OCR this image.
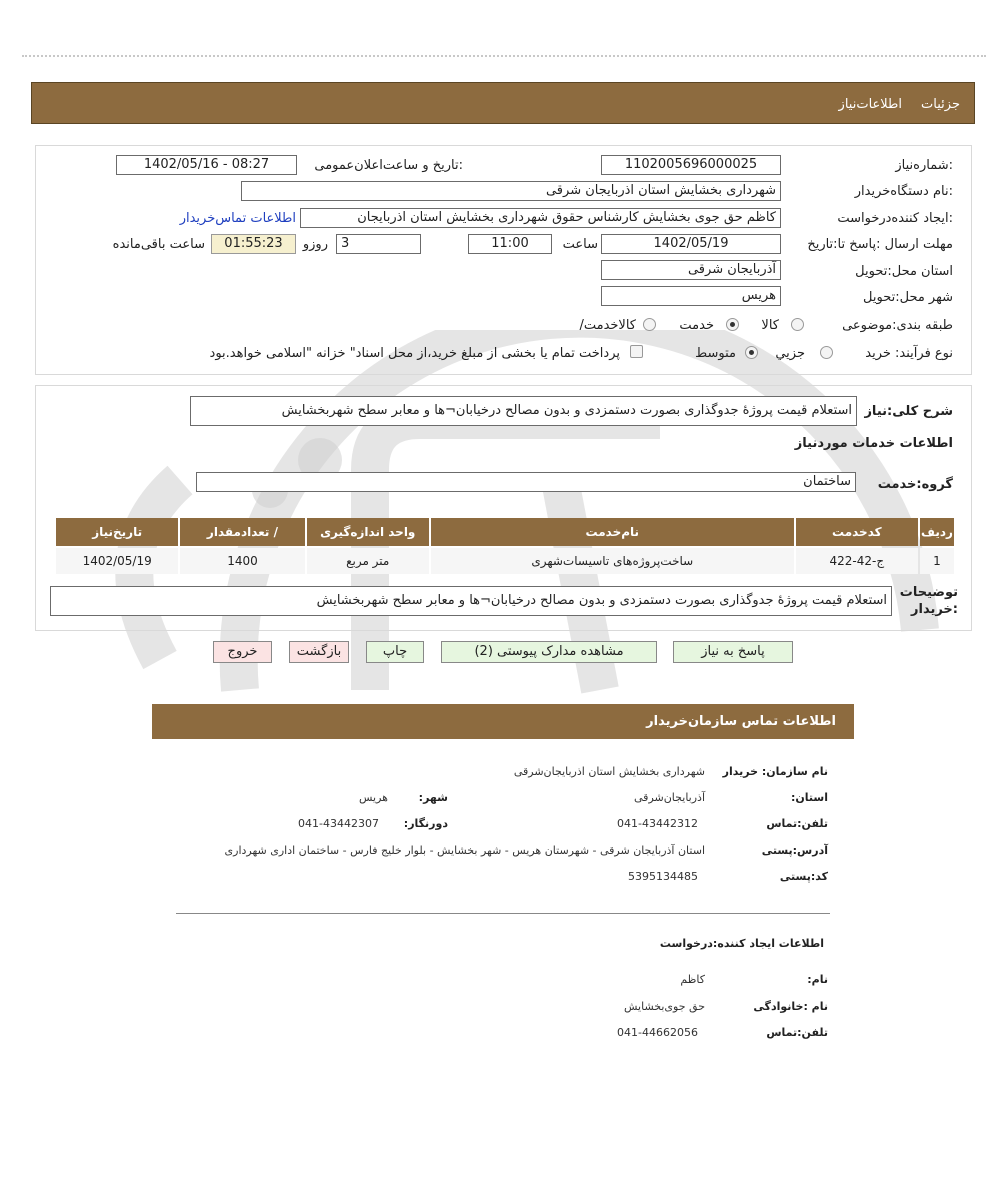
جزئيات
اطلاعات‌نیاز
شماره‌نیاز:
1102005696000025
تاریخ و ساعت‌اعلان‌عمومی:
1402/05/16 - 08:27
نام دستگاه‌خریدار:
شهرداری بخشایش استان اذربایجان شرقی
ایجاد کننده‌درخواست:
کاظم حق جوی بخشایش کارشناس حقوق شهرداری بخشایش استان اذربایجان
اطلاعات تماس‌خریدار
مهلت ارسال :پاسخ تا:تاریخ
1402/05/19
ساعت
11:00
3
روز‌و
01:55:23
ساعت باقی‌مانده
استان محل:تحویل
آذربایجان شرقی
شهر محل:تحویل
هریس
طبقه بندی:موضوعی
کالا
خدمت
/کالاخدمت
نوع فرآیند: خرید
جزیي
متوسط
پرداخت تمام یا بخشی از مبلغ خرید،از محل اسناد" خزانه "اسلامی خواهد.بود
شرح کلی:نیاز
استعلام قیمت پروژۀ جدوگذاری بصورت دستمزدی و بدون مصالح درخیابان¬ها و معابر سطح شهربخشایش
اطلاعات خدمات موردنیاز
گروه:خدمت
ساختمان
ردیف	کدخدمت	نام‌خدمت	واحد اندازه‌گیری	/ تعدادمقدار	تاریخ‌نیاز
1	ج-42-422	ساخت‌پروژه‌های تاسیسات‌شهری	متر مربع	1400	1402/05/19
توضیحات :خریدار
استعلام قیمت پروژۀ جدوگذاری بصورت دستمزدی و بدون مصالح درخیابان¬ها و معابر سطح شهربخشایش
پاسخ به نیاز
مشاهده مدارک پیوستی (2)
چاپ
بازگشت
خروج
اطلاعات تماس سازمان‌خریدار
نام سازمان: خریدار
شهرداری بخشایش استان اذربایجان‌شرقی
:استان
آذربایجان‌شرقی
:شهر
هریس
تلفن:تماس
041-43442312
:دورنگار
041-43442307
آدرس:پستی
استان آذربایجان شرقی - شهرستان هریس - شهر بخشایش - بلوار خلیج فارس - ساختمان اداری شهرداری
کد:پستی
5395134485
اطلاعات ایجاد کننده:درخواست
:نام
کاظم
نام :خانوادگی
حق جوی‌بخشایش
تلفن:تماس
041-44662056
